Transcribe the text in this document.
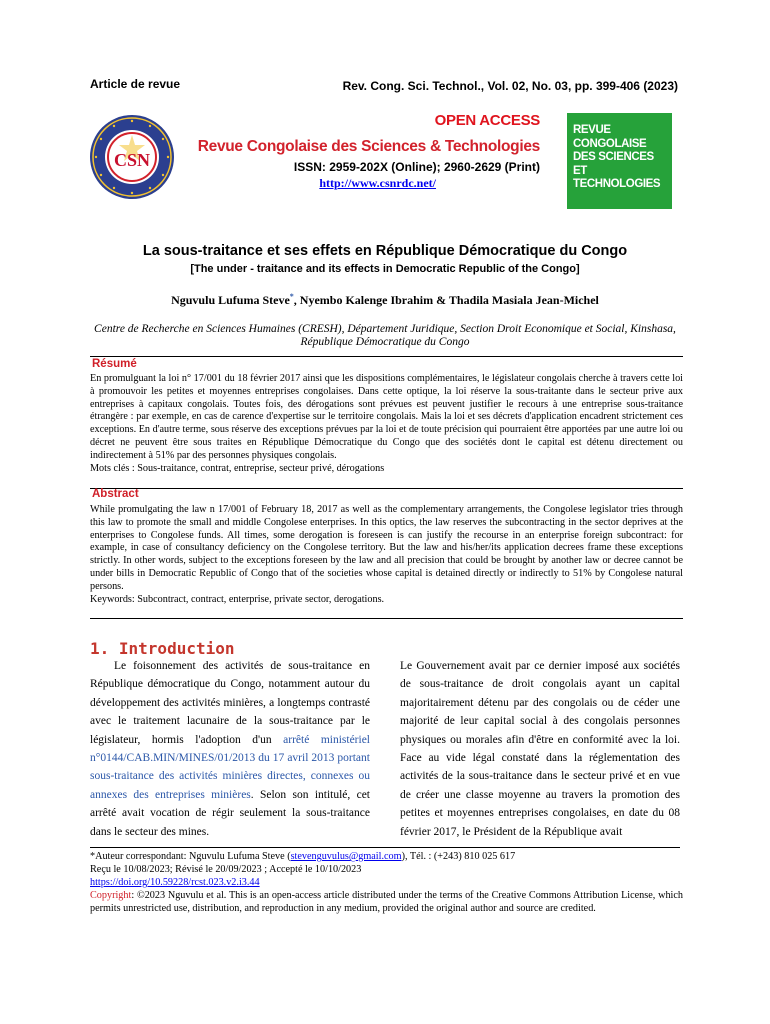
Article de revue	Rev. Cong. Sci. Technol., Vol. 02, No. 03, pp. 399-406 (2023)
CSN
OPEN ACCESS
Revue Congolaise des Sciences & Technologies
ISSN: 2959-202X (Online); 2960-2629 (Print)
http://www.csnrdc.net/
REVUE
CONGOLAISE
DES SCIENCES
ET TECHNOLOGIES
La sous-traitance et ses effets en République Démocratique du Congo
[The under - traitance and its effects in Democratic Republic of the Congo]
Nguvulu Lufuma Steve*, Nyembo Kalenge Ibrahim & Thadila Masiala Jean-Michel
Centre de Recherche en Sciences Humaines (CRESH), Département Juridique, Section Droit Economique et Social, Kinshasa, République Démocratique du Congo
Résumé
En promulguant la loi n° 17/001 du 18 février 2017 ainsi que les dispositions complémentaires, le législateur congolais cherche à travers cette loi à promouvoir les petites et moyennes entreprises congolaises. Dans cette optique, la loi réserve la sous-traitante dans le secteur prive aux entreprises à capitaux congolais. Toutes fois, des dérogations sont prévues est peuvent justifier le recours à une entreprise sous-traitance étrangère : par exemple, en cas de carence d'expertise sur le territoire congolais. Mais la loi et ses décrets d'application encadrent strictement ces exceptions. En d'autre terme, sous réserve des exceptions prévues par la loi et de toute précision qui pourraient être apportées par une autre loi ou décret ne peuvent être sous traites en République Démocratique du Congo que des sociétés dont le capital est détenu directement ou indirectement à 51% par des personnes physiques congolais.
Mots clés : Sous-traitance, contrat, entreprise, secteur privé, dérogations
Abstract
While promulgating the law n 17/001 of February 18, 2017 as well as the complementary arrangements, the Congolese legislator tries through this law to promote the small and middle Congolese enterprises. In this optics, the law reserves the subcontracting in the sector deprives at the enterprises to Congolese funds. All times, some derogation is foreseen is can justify the recourse in an enterprise foreign subcontract: for example, in case of consultancy deficiency on the Congolese territory. But the law and his/her/its application decrees frame these exceptions strictly. In other words, subject to the exceptions foreseen by the law and all precision that could be brought by another law or decree cannot be under bills in Democratic Republic of Congo that of the societies whose capital is detained directly or indirectly to 51% by Congolese natural persons.
Keywords: Subcontract, contract, enterprise, private sector, derogations.
1. Introduction
Le foisonnement des activités de sous-traitance en République démocratique du Congo, notamment autour du développement des activités minières, a longtemps contrasté avec le traitement lacunaire de la sous-traitance par le législateur, hormis l'adoption d'un arrêté ministériel n°0144/CAB.MIN/MINES/01/2013 du 17 avril 2013 portant sous-traitance des activités minières directes, connexes ou annexes des entreprises minières. Selon son intitulé, cet arrêté avait vocation de régir seulement la sous-traitance dans le secteur des mines.
Le Gouvernement avait par ce dernier imposé aux sociétés de sous-traitance de droit congolais ayant un capital majoritairement détenu par des congolais ou de céder une majorité de leur capital social à des congolais personnes physiques ou morales afin d'être en conformité avec la loi. Face au vide légal constaté dans la réglementation des activités de la sous-traitance dans le secteur privé et en vue de créer une classe moyenne au travers la promotion des petites et moyennes entreprises congolaises, en date du 08 février 2017, le Président de la République avait
*Auteur correspondant: Nguvulu Lufuma Steve (stevenguvulus@gmail.com), Tél. : (+243) 810 025 617
Reçu le 10/08/2023; Révisé le 20/09/2023 ; Accepté le 10/10/2023
https://doi.org/10.59228/rcst.023.v2.i3.44
Copyright: ©2023 Nguvulu et al. This is an open-access article distributed under the terms of the Creative Commons Attribution License, which permits unrestricted use, distribution, and reproduction in any medium, provided the original author and source are credited.
